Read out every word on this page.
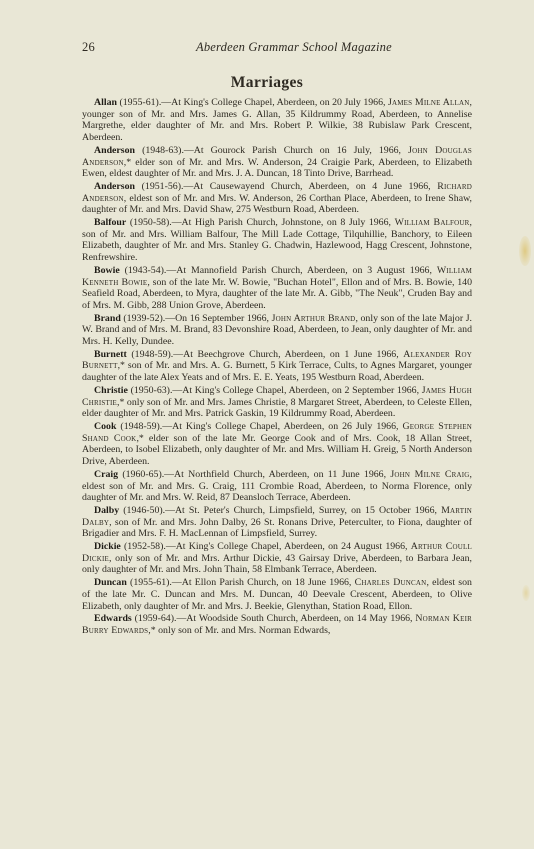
26	Aberdeen Grammar School Magazine
Marriages

Allan (1955-61).—At King's College Chapel, Aberdeen, on 20 July 1966, James Milne Allan, younger son of Mr. and Mrs. James G. Allan, 35 Kildrummy Road, Aberdeen, to Annelise Margrethe, elder daughter of Mr. and Mrs. Robert P. Wilkie, 38 Rubislaw Park Crescent, Aberdeen.

Anderson (1948-63).—At Gourock Parish Church on 16 July, 1966, John Douglas Anderson,* elder son of Mr. and Mrs. W. Anderson, 24 Craigie Park, Aberdeen, to Elizabeth Ewen, eldest daughter of Mr. and Mrs. J. A. Duncan, 18 Tinto Drive, Barrhead.

Anderson (1951-56).—At Causewayend Church, Aberdeen, on 4 June 1966, Richard Anderson, eldest son of Mr. and Mrs. W. Anderson, 26 Corthan Place, Aberdeen, to Irene Shaw, daughter of Mr. and Mrs. David Shaw, 275 Westburn Road, Aberdeen.

Balfour (1950-58).—At High Parish Church, Johnstone, on 8 July 1966, William Balfour, son of Mr. and Mrs. William Balfour, The Mill Lade Cottage, Tilquhillie, Banchory, to Eileen Elizabeth, daughter of Mr. and Mrs. Stanley G. Chadwin, Hazlewood, Hagg Crescent, Johnstone, Renfrewshire.

Bowie (1943-54).—At Mannofield Parish Church, Aberdeen, on 3 August 1966, William Kenneth Bowie, son of the late Mr. W. Bowie, "Buchan Hotel", Ellon and of Mrs. B. Bowie, 140 Seafield Road, Aberdeen, to Myra, daughter of the late Mr. A. Gibb, "The Neuk", Cruden Bay and of Mrs. M. Gibb, 288 Union Grove, Aberdeen.

Brand (1939-52).—On 16 September 1966, John Arthur Brand, only son of the late Major J. W. Brand and of Mrs. M. Brand, 83 Devonshire Road, Aberdeen, to Jean, only daughter of Mr. and Mrs. H. Kelly, Dundee.

Burnett (1948-59).—At Beechgrove Church, Aberdeen, on 1 June 1966, Alexander Roy Burnett,* son of Mr. and Mrs. A. G. Burnett, 5 Kirk Terrace, Cults, to Agnes Margaret, younger daughter of the late Alex Yeats and of Mrs. E. E. Yeats, 195 Westburn Road, Aberdeen.

Christie (1950-63).—At King's College Chapel, Aberdeen, on 2 September 1966, James Hugh Christie,* only son of Mr. and Mrs. James Christie, 8 Margaret Street, Aberdeen, to Celeste Ellen, elder daughter of Mr. and Mrs. Patrick Gaskin, 19 Kildrummy Road, Aberdeen.

Cook (1948-59).—At King's College Chapel, Aberdeen, on 26 July 1966, George Stephen Shand Cook,* elder son of the late Mr. George Cook and of Mrs. Cook, 18 Allan Street, Aberdeen, to Isobel Elizabeth, only daughter of Mr. and Mrs. William H. Greig, 5 North Anderson Drive, Aberdeen.

Craig (1960-65).—At Northfield Church, Aberdeen, on 11 June 1966, John Milne Craig, eldest son of Mr. and Mrs. G. Craig, 111 Crombie Road, Aberdeen, to Norma Florence, only daughter of Mr. and Mrs. W. Reid, 87 Deansloch Terrace, Aberdeen.

Dalby (1946-50).—At St. Peter's Church, Limpsfield, Surrey, on 15 October 1966, Martin Dalby, son of Mr. and Mrs. John Dalby, 26 St. Ronans Drive, Peterculter, to Fiona, daughter of Brigadier and Mrs. F. H. MacLennan of Limpsfield, Surrey.

Dickie (1952-58).—At King's College Chapel, Aberdeen, on 24 August 1966, Arthur Coull Dickie, only son of Mr. and Mrs. Arthur Dickie, 43 Gairsay Drive, Aberdeen, to Barbara Jean, only daughter of Mr. and Mrs. John Thain, 58 Elmbank Terrace, Aberdeen.

Duncan (1955-61).—At Ellon Parish Church, on 18 June 1966, Charles Duncan, eldest son of the late Mr. C. Duncan and Mrs. M. Duncan, 40 Deevale Crescent, Aberdeen, to Olive Elizabeth, only daughter of Mr. and Mrs. J. Beekie, Glenythan, Station Road, Ellon.

Edwards (1959-64).—At Woodside South Church, Aberdeen, on 14 May 1966, Norman Keir Burry Edwards,* only son of Mr. and Mrs. Norman Edwards,
